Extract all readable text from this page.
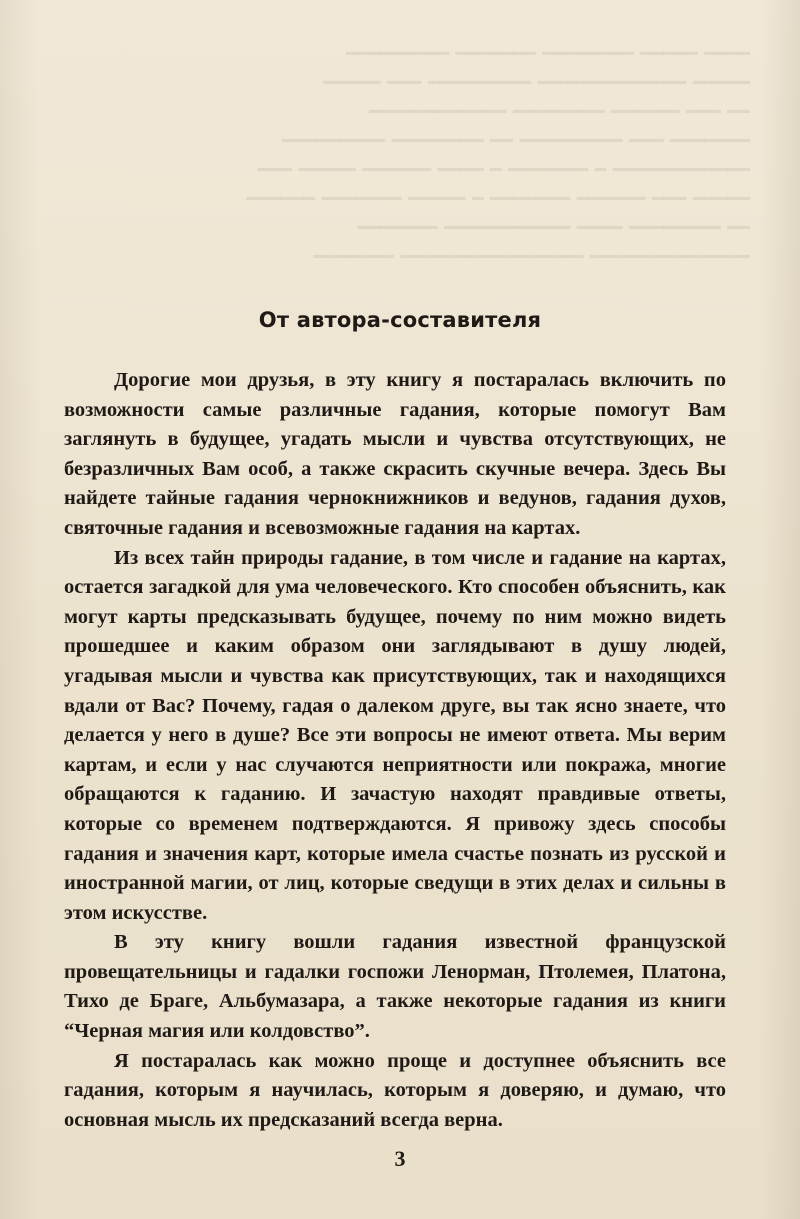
━━━━ ━━━━━ ━━━━━━━━ ━━━━━━━ ━━━━━━━━━
━━━━━ ━━━━━━━━━━━━━ ━━━━━━━━━ ━━━ ━━━━━
━━ ━━━ ━━━━━━ ━━━━━━━━ ━━━━━━━━━━━━
━━━━━━━ ━━━ ━━━━━━━━━ ━━ ━━━━━━━━ ━━━━━━━━━
━━━━━━━━━━━━ ━ ━━━━━━━ ━ ━━━━ ━━━━━━ ━━━━━ ━━━
━━━━━ ━━━ ━━━━━━ ━━━━━━━ ━ ━━━━━ ━━━━━━━ ━━━━━━
━━ ━━━━━━━━ ━━━━ ━━━━━━━━━━━ ━━━━━━━
━━━━━━━━━━━━━━ ━━━━━━━━━━━━━━━━ ━━━━━━━
От автора-составителя

Дорогие мои друзья, в эту книгу я постаралась включить по возможности самые различные гадания, которые помогут Вам заглянуть в будущее, угадать мысли и чувства отсутствующих, не безразличных Вам особ, а также скрасить скучные вечера. Здесь Вы найдете тайные гадания чернокнижников и ведунов, гадания духов, святочные гадания и всевозможные гадания на картах.

Из всех тайн природы гадание, в том числе и гадание на картах, остается загадкой для ума человеческого. Кто способен объяснить, как могут карты предсказывать будущее, почему по ним можно видеть прошедшее и каким образом они заглядывают в душу людей, угадывая мысли и чувства как присутствующих, так и находящихся вдали от Вас? Почему, гадая о далеком друге, вы так ясно знаете, что делается у него в душе? Все эти вопросы не имеют ответа. Мы верим картам, и если у нас случаются неприятности или покража, многие обращаются к гаданию. И зачастую находят правдивые ответы, которые со временем подтверждаются. Я привожу здесь способы гадания и значения карт, которые имела счастье познать из русской и иностранной магии, от лиц, которые сведущи в этих делах и сильны в этом искусстве.

В эту книгу вошли гадания известной французской провещательницы и гадалки госпожи Ленорман, Птолемея, Платона, Тихо де Браге, Альбумазара, а также некоторые гадания из книги “Черная магия или колдовство”.

Я постаралась как можно проще и доступнее объяснить все гадания, которым я научилась, которым я доверяю, и думаю, что основная мысль их предсказаний всегда верна.

3
